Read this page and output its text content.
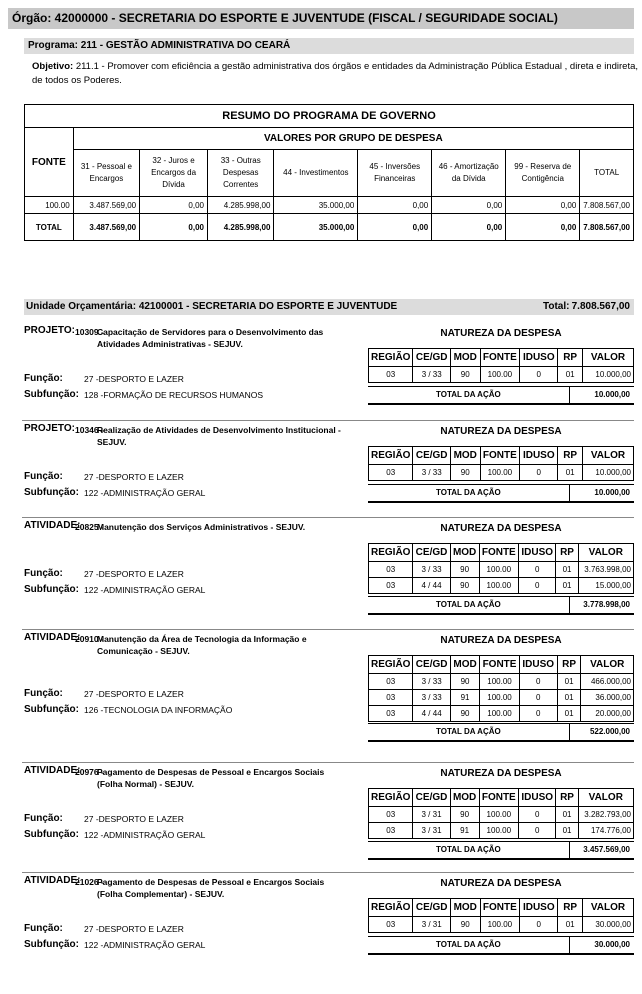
Órgão: 42000000 - SECRETARIA DO ESPORTE E JUVENTUDE (FISCAL / SEGURIDADE SOCIAL)
Programa: 211 - GESTÃO ADMINISTRATIVA DO CEARÁ
Objetivo: 211.1 - Promover com eficiência a gestão administrativa dos órgãos e entidades da Administração Pública Estadual , direta e indireta, de todos os Poderes.
RESUMO DO PROGRAMA DE GOVERNO								
FONTE	VALORES POR GRUPO DE DESPESA							
	31 - Pessoal e Encargos	32 - Juros e Encargos da Dívida	33 - Outras Despesas Correntes	44 - Investimentos	45 - Inversões Financeiras	46 - Amortização da Dívida	99 - Reserva de Contigência	TOTAL
100.00	3.487.569,00	0,00	4.285.998,00	35.000,00	0,00	0,00	0,00	7.808.567,00
TOTAL	3.487.569,00	0,00	4.285.998,00	35.000,00	0,00	0,00	0,00	7.808.567,00
Unidade Orçamentária: 42100001 - SECRETARIA DO ESPORTE E JUVENTUDE	Total: 7.808.567,00
PROJETO: 10309 -
Capacitação de Servidores para o Desenvolvimento das Atividades Administrativas - SEJUV.
NATUREZA DA DESPESA
Função: 27 -DESPORTO E LAZER
Subfunção: 128 -FORMAÇÃO DE RECURSOS HUMANOS
REGIÃO	CE/GD	MOD	FONTE	IDUSO	RP	VALOR
03	3 / 33	90	100.00	0	01	10.000,00
TOTAL DA AÇÃO	10.000,00
PROJETO: 10346 -
Realização de Atividades de Desenvolvimento Institucional - SEJUV.
NATUREZA DA DESPESA
Função: 27 -DESPORTO E LAZER
Subfunção: 122 -ADMINISTRAÇÃO GERAL
REGIÃO	CE/GD	MOD	FONTE	IDUSO	RP	VALOR
03	3 / 33	90	100.00	0	01	10.000,00
TOTAL DA AÇÃO	10.000,00
ATIVIDADE:
20825 -
Manutenção dos Serviços Administrativos - SEJUV.	NATUREZA DA DESPESA
Função: 27 -DESPORTO E LAZER
Subfunção: 122 -ADMINISTRAÇÃO GERAL
REGIÃO	CE/GD	MOD	FONTE	IDUSO	RP	VALOR
03	3 / 33	90	100.00	0	01	3.763.998,00
03	4 / 44	90	100.00	0	01	15.000,00
TOTAL DA AÇÃO	3.778.998,00
ATIVIDADE:
20910 -
Manutenção da Área de Tecnologia da Informação e Comunicação - SEJUV.
NATUREZA DA DESPESA
Função: 27 -DESPORTO E LAZER
Subfunção: 126 -TECNOLOGIA DA INFORMAÇÃO
REGIÃO	CE/GD	MOD	FONTE	IDUSO	RP	VALOR
03	3 / 33	90	100.00	0	01	466.000,00
03	3 / 33	91	100.00	0	01	36.000,00
03	4 / 44	90	100.00	0	01	20.000,00
TOTAL DA AÇÃO	522.000,00
ATIVIDADE:
20976 -
Pagamento de Despesas de Pessoal e Encargos Sociais (Folha Normal) - SEJUV.
NATUREZA DA DESPESA
Função: 27 -DESPORTO E LAZER
Subfunção: 122 -ADMINISTRAÇÃO GERAL
REGIÃO	CE/GD	MOD	FONTE	IDUSO	RP	VALOR
03	3 / 31	90	100.00	0	01	3.282.793,00
03	3 / 31	91	100.00	0	01	174.776,00
TOTAL DA AÇÃO	3.457.569,00
ATIVIDADE:
21026 -
Pagamento de Despesas de Pessoal e Encargos Sociais (Folha Complementar) - SEJUV.
NATUREZA DA DESPESA
Função: 27 -DESPORTO E LAZER
Subfunção: 122 -ADMINISTRAÇÃO GERAL
REGIÃO	CE/GD	MOD	FONTE	IDUSO	RP	VALOR
03	3 / 31	90	100.00	0	01	30.000,00
TOTAL DA AÇÃO	30.000,00
